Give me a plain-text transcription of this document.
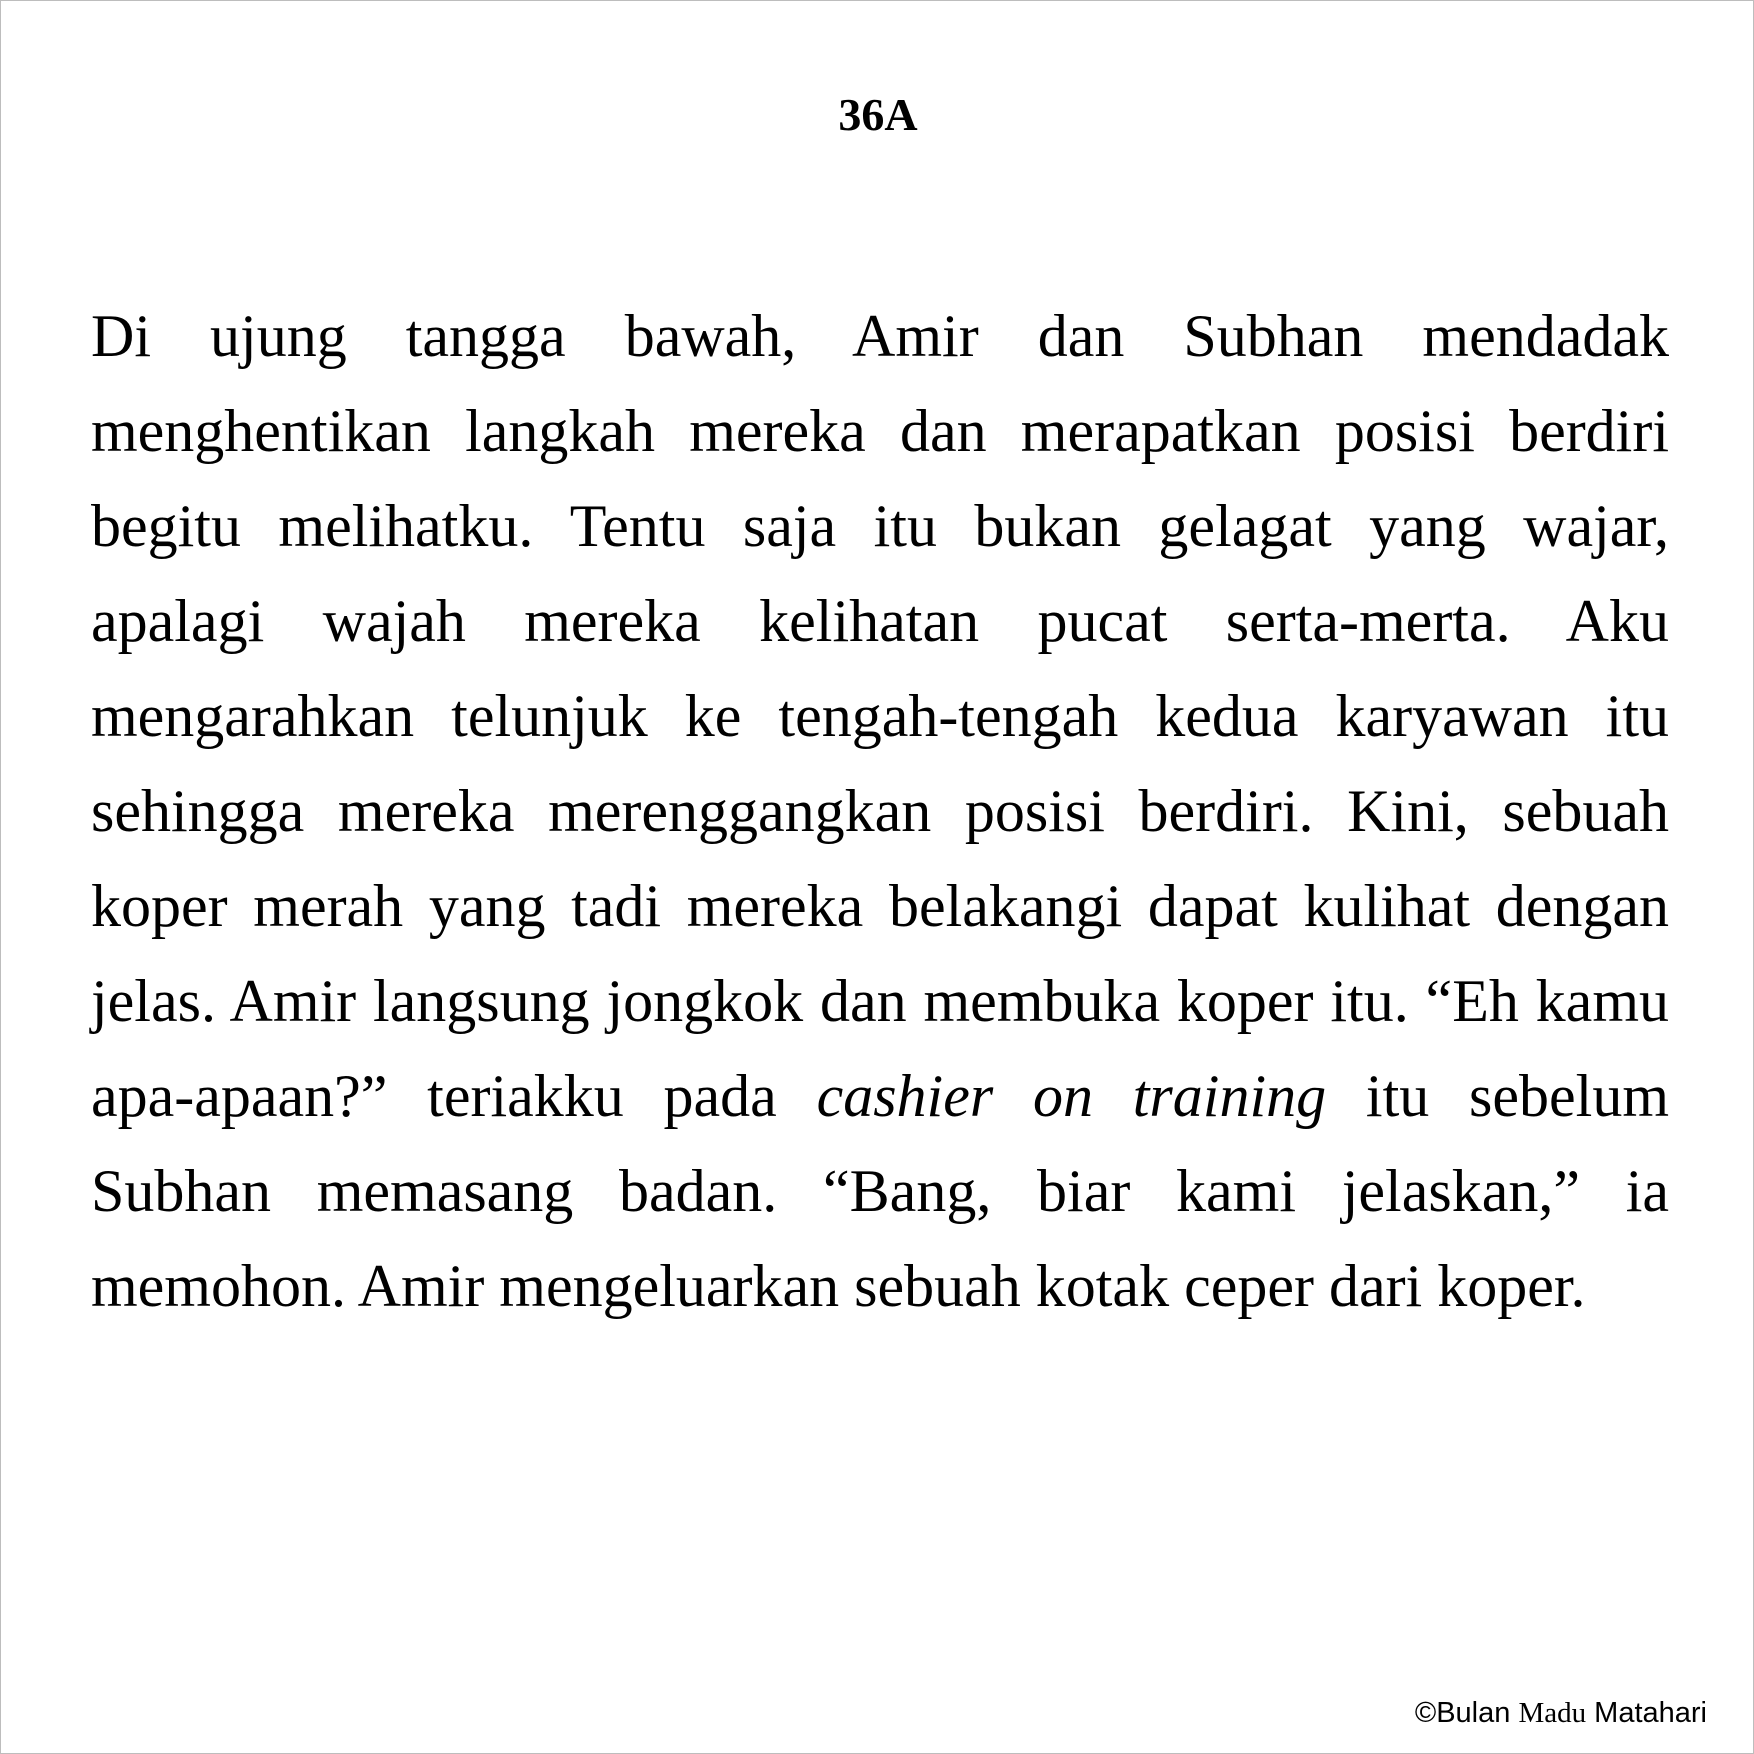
36A

Di ujung tangga bawah, Amir dan Subhan mendadak menghentikan langkah mereka dan merapatkan posisi berdiri begitu melihatku. Tentu saja itu bukan gelagat yang wajar, apalagi wajah mereka kelihatan pucat serta-merta. Aku mengarahkan telunjuk ke tengah-tengah kedua karyawan itu sehingga mereka merenggangkan posisi berdiri. Kini, sebuah koper merah yang tadi mereka belakangi dapat kulihat dengan jelas. Amir langsung jongkok dan membuka koper itu. “Eh kamu apa-apaan?” teriakku pada cashier on training itu sebelum Subhan memasang badan. “Bang, biar kami jelaskan,” ia memohon. Amir mengeluarkan sebuah kotak ceper dari koper.

©Bulan Madu Matahari
